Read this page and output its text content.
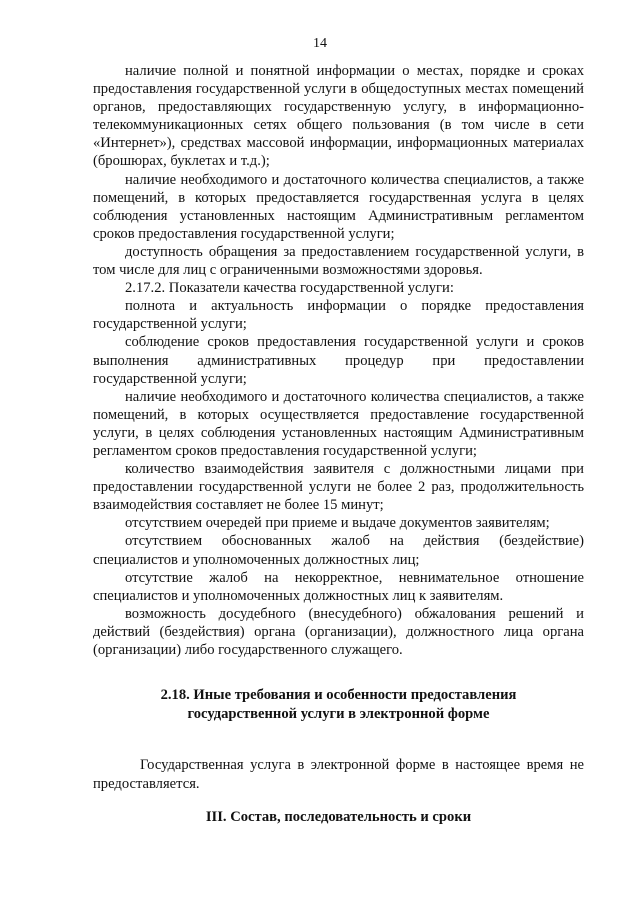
14

наличие полной и понятной информации о местах, порядке и сроках предоставления государственной услуги в общедоступных местах помещений органов, предоставляющих государственную услугу, в информационно-телекоммуникационных сетях общего пользования (в том числе в сети «Интернет»), средствах массовой информации, информационных материалах (брошюрах, буклетах и т.д.);

наличие необходимого и достаточного количества специалистов, а также помещений, в которых предоставляется государственная услуга в целях соблюдения установленных настоящим Административным регламентом сроков предоставления государственной услуги;

доступность обращения за предоставлением государственной услуги, в том числе для лиц с ограниченными возможностями здоровья.

2.17.2. Показатели качества государственной услуги:

полнота и актуальность информации о порядке предоставления государственной услуги;

соблюдение сроков предоставления государственной услуги и сроков выполнения административных процедур при предоставлении государственной услуги;

наличие необходимого и достаточного количества специалистов, а также помещений, в которых осуществляется предоставление государственной услуги, в целях соблюдения установленных настоящим Административным регламентом сроков предоставления государственной услуги;

количество взаимодействия заявителя с должностными лицами при предоставлении государственной услуги не более 2 раз, продолжительность взаимодействия составляет не более 15 минут;

отсутствием очередей при приеме и выдаче документов заявителям;

отсутствием обоснованных жалоб на действия (бездействие) специалистов и уполномоченных должностных лиц;

отсутствие жалоб на некорректное, невнимательное отношение специалистов и уполномоченных должностных лиц к заявителям.

возможность досудебного (внесудебного) обжалования решений и действий (бездействия) органа (организации), должностного лица органа (организации) либо государственного служащего.

2.18. Иные требования и особенности предоставления
государственной услуги в электронной форме

Государственная услуга в электронной форме в настоящее время не предоставляется.

III. Состав, последовательность и сроки
